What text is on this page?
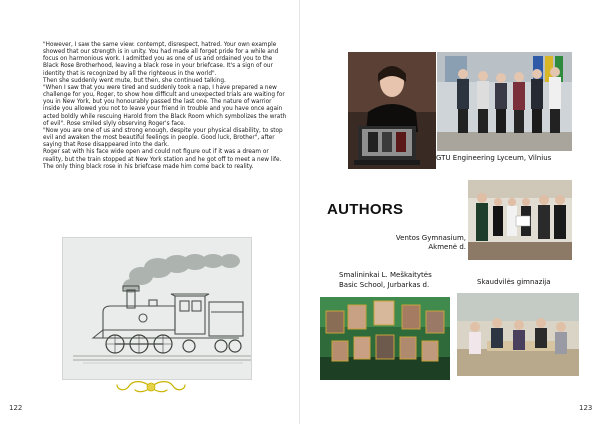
"However, I saw the same view: contempt, disrespect, hatred. Your own example showed that our strength is in unity. You had made all forget pride for a while and focus on harmonious work. I admitted you as one of us and ordained you to the Black Rose Brotherhood, leaving a black rose in your briefcase. It's a sign of our identity that is recognized by all the righteous in the world".

Then she suddenly went mute, but then, she continued talking.

"When I saw that you were tired and suddenly took a nap, I have prepared a new challenge for you, Roger, to show how difficult and unexpected trials are waiting for you in New York, but you honourably passed the last one. The nature of warrior inside you allowed you not to leave your friend in trouble and you have once again acted boldly while rescuing Harold from the Black Room which symbolizes the wrath of evil". Rose smiled slyly observing Roger's face.

"Now you are one of us and strong enough, despite your physical disability, to stop evil and awaken the most beautiful feelings in people. Good luck, Brother", after saying that Rose disappeared into the dark.

Roger sat with his face wide open and could not figure out if it was a dream or reality, but the train stopped at New York station and he got off to meet a new life. The only thing black rose in his briefcase made him come back to reality.

122
GTU Engineering Lyceum, Vilnius
AUTHORS
Ventos Gymnasium,
Akmenė d.
Smalininkai L. Meškaitytės
Basic School, Jurbarkas d.	Skaudvilės gimnazija
123
